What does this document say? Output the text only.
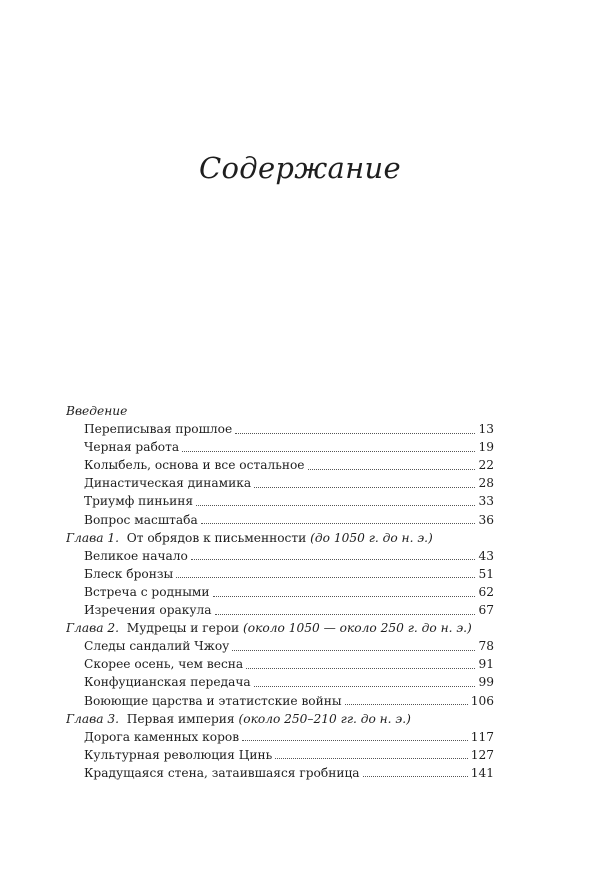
Содержание
Введение
Переписывая прошлое	13
Черная работа	19
Колыбель, основа и все остальное	22
Династическая динамика	28
Триумф пиньиня	33
Вопрос масштаба	36
Глава 1. От обрядов к письменности (до 1050 г. до н. э.)
Великое начало	43
Блеск бронзы	51
Встреча с родными	62
Изречения оракула	67
Глава 2. Мудрецы и герои (около 1050 — около 250 г. до н. э.)
Следы сандалий Чжоу	78
Скорее осень, чем весна	91
Конфуцианская передача	99
Воюющие царства и этатистские войны	106
Глава 3. Первая империя (около 250–210 гг. до н. э.)
Дорога каменных коров	117
Культурная революция Цинь	127
Крадущаяся стена, затаившаяся гробница	141
